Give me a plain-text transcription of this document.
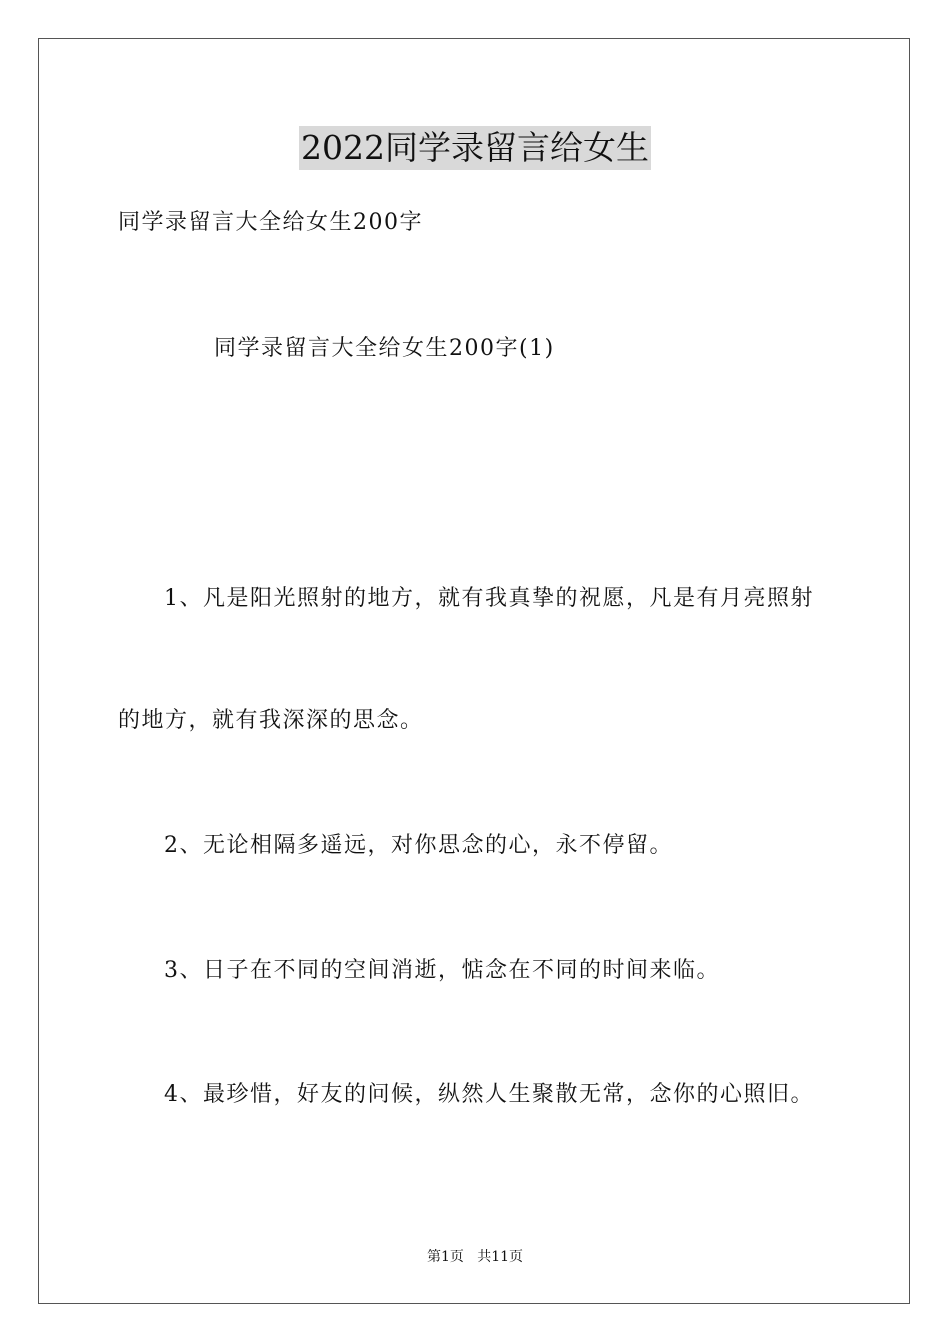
2022同学录留言给女生
同学录留言大全给女生200字
同学录留言大全给女生200字(1)
1、凡是阳光照射的地方，就有我真挚的祝愿，凡是有月亮照射
的地方，就有我深深的思念。
2、无论相隔多遥远，对你思念的心，永不停留。
3、日子在不同的空间消逝，惦念在不同的时间来临。
4、最珍惜，好友的问候，纵然人生聚散无常，念你的心照旧。
第1页   共11页
